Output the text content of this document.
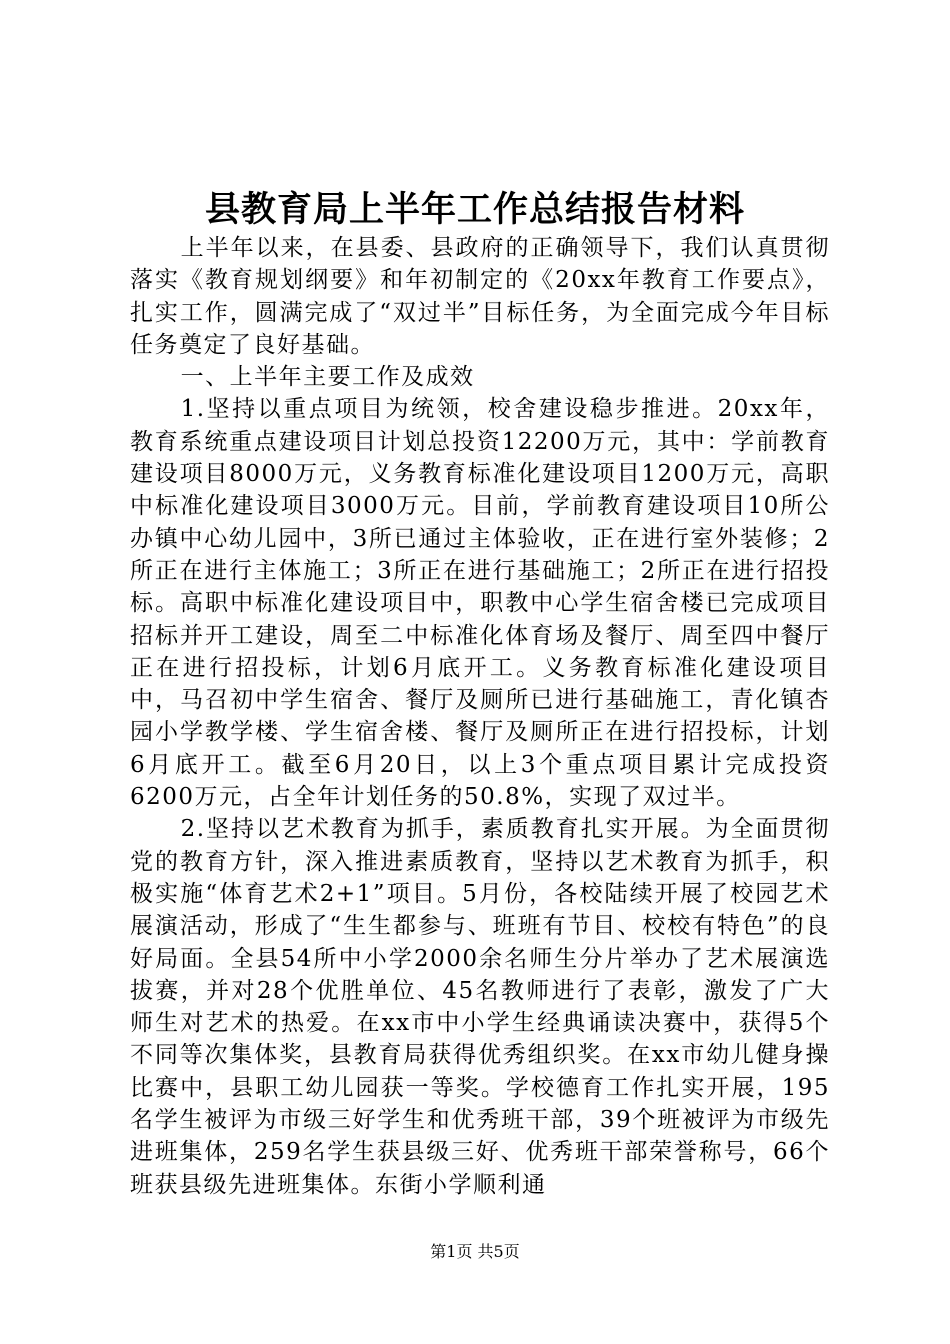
县教育局上半年工作总结报告材料

上半年以来，在县委、县政府的正确领导下，我们认真贯彻落实《教育规划纲要》和年初制定的《20xx年教育工作要点》，扎实工作，圆满完成了“双过半”目标任务，为全面完成今年目标任务奠定了良好基础。

一、上半年主要工作及成效

1.坚持以重点项目为统领，校舍建设稳步推进。20xx年，教育系统重点建设项目计划总投资12200万元，其中：学前教育建设项目8000万元，义务教育标准化建设项目1200万元，高职中标准化建设项目3000万元。目前，学前教育建设项目10所公办镇中心幼儿园中，3所已通过主体验收，正在进行室外装修；2所正在进行主体施工；3所正在进行基础施工；2所正在进行招投标。高职中标准化建设项目中，职教中心学生宿舍楼已完成项目招标并开工建设，周至二中标准化体育场及餐厅、周至四中餐厅正在进行招投标，计划6月底开工。义务教育标准化建设项目中，马召初中学生宿舍、餐厅及厕所已进行基础施工，青化镇杏园小学教学楼、学生宿舍楼、餐厅及厕所正在进行招投标，计划6月底开工。截至6月20日，以上3个重点项目累计完成投资6200万元，占全年计划任务的50.8%，实现了双过半。

2.坚持以艺术教育为抓手，素质教育扎实开展。为全面贯彻党的教育方针，深入推进素质教育，坚持以艺术教育为抓手，积极实施“体育艺术2+1”项目。5月份，各校陆续开展了校园艺术展演活动，形成了“生生都参与、班班有节目、校校有特色”的良好局面。全县54所中小学2000余名师生分片举办了艺术展演选拔赛，并对28个优胜单位、45名教师进行了表彰，激发了广大师生对艺术的热爱。在xx市中小学生经典诵读决赛中，获得5个不同等次集体奖，县教育局获得优秀组织奖。在xx市幼儿健身操比赛中，县职工幼儿园获一等奖。学校德育工作扎实开展，195名学生被评为市级三好学生和优秀班干部，39个班被评为市级先进班集体，259名学生获县级三好、优秀班干部荣誉称号，66个班获县级先进班集体。东街小学顺利通

第1页 共5页
